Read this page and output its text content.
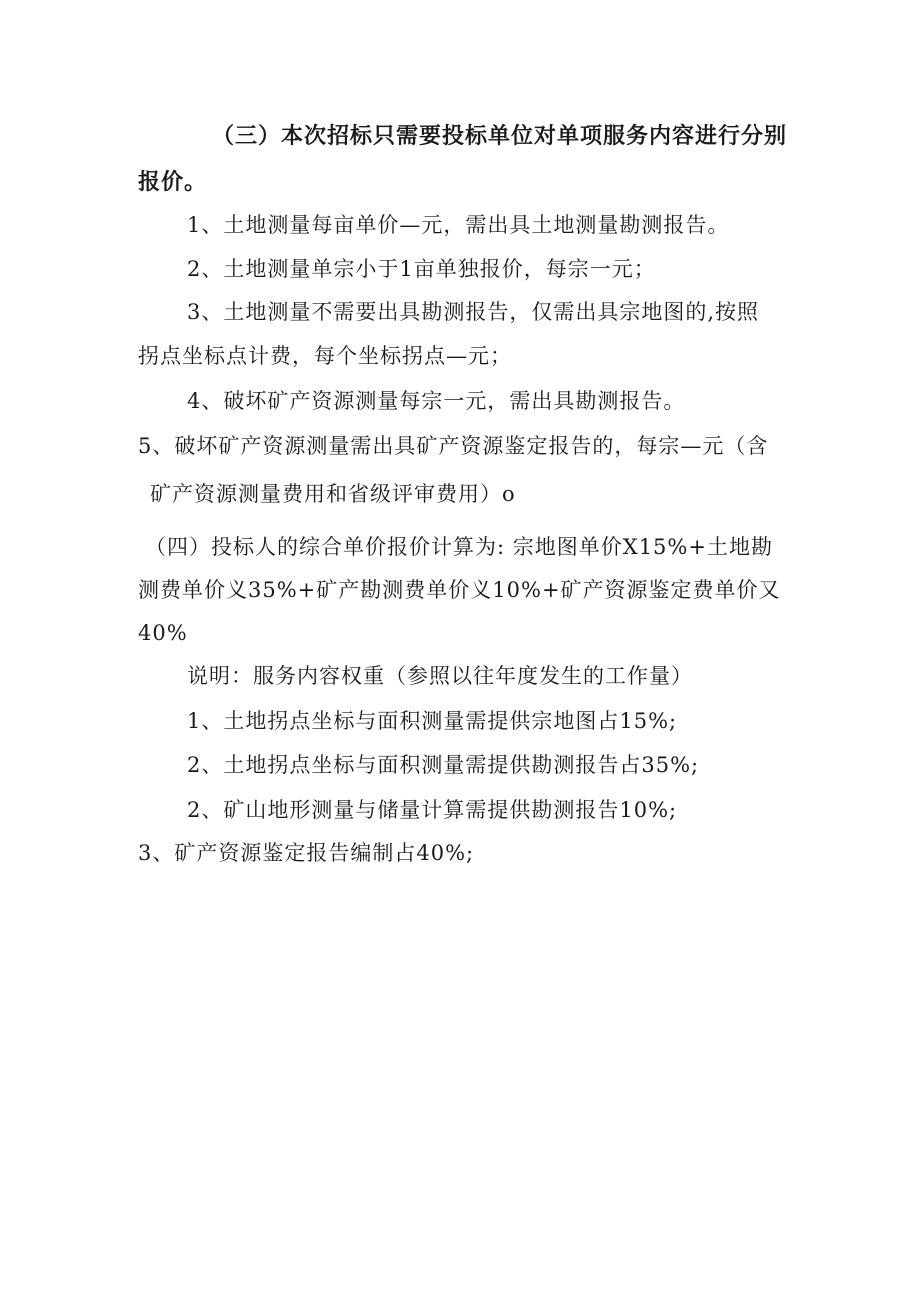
（三）本次招标只需要投标单位对单项服务内容进行分别
报价。
1、土地测量每亩单价—元，需出具土地测量勘测报告。
2、土地测量单宗小于1亩单独报价，每宗一元；
3、土地测量不需要出具勘测报告，仅需出具宗地图的,按照
拐点坐标点计费，每个坐标拐点—元；
4、破坏矿产资源测量每宗一元，需出具勘测报告。
5、破坏矿产资源测量需出具矿产资源鉴定报告的，每宗—元（含
矿产资源测量费用和省级评审费用）o
（四）投标人的综合单价报价计算为: 宗地图单价X15%+土地勘
测费单价义35%+矿产勘测费单价义10%+矿产资源鉴定费单价又
40%
说明：服务内容权重（参照以往年度发生的工作量）
1、土地拐点坐标与面积测量需提供宗地图占15%;
2、土地拐点坐标与面积测量需提供勘测报告占35%;
2、矿山地形测量与储量计算需提供勘测报告10%;
3、矿产资源鉴定报告编制占40%;
